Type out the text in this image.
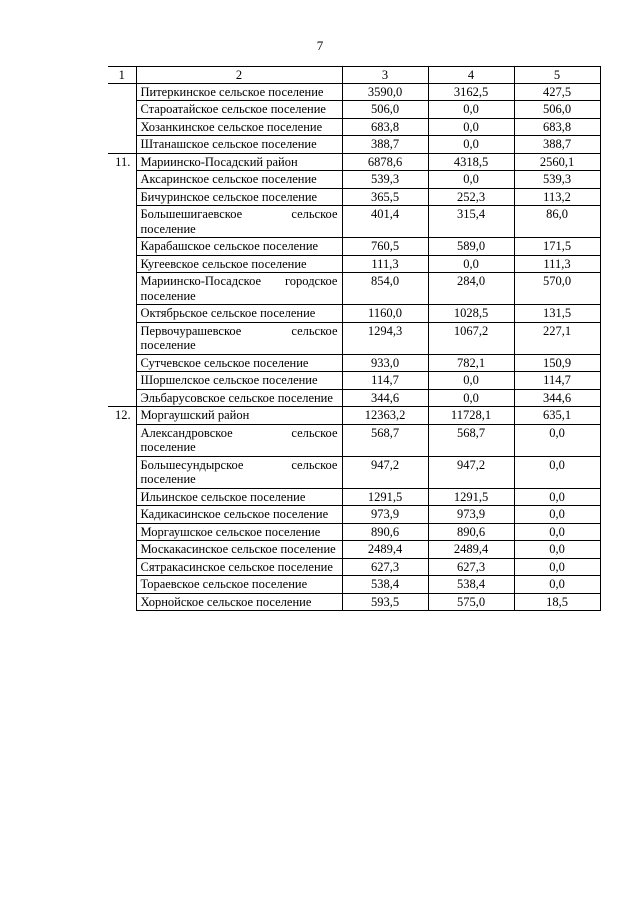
7
1	2	3	4	5
	Питеркинское сельское поселение	3590,0	3162,5	427,5
	Староатайское сельское поселение	506,0	0,0	506,0
	Хозанкинское сельское поселение	683,8	0,0	683,8
	Штанашское сельское поселение	388,7	0,0	388,7
11.	Мариинско-Посадский район	6878,6	4318,5	2560,1
	Аксаринское сельское поселение	539,3	0,0	539,3
	Бичуринское сельское поселение	365,5	252,3	113,2
	Большешигаевское сельское поселение	401,4	315,4	86,0
	Карабашское сельское поселение	760,5	589,0	171,5
	Кугеевское сельское поселение	111,3	0,0	111,3
	Мариинско-Посадское городское поселение	854,0	284,0	570,0
	Октябрьское сельское поселение	1160,0	1028,5	131,5
	Первочурашевское сельское поселение	1294,3	1067,2	227,1
	Сутчевское сельское поселение	933,0	782,1	150,9
	Шоршелское сельское поселение	114,7	0,0	114,7
	Эльбарусовское сельское поселение	344,6	0,0	344,6
12.	Моргаушский район	12363,2	11728,1	635,1
	Александровское сельское поселение	568,7	568,7	0,0
	Большесундырское сельское поселение	947,2	947,2	0,0
	Ильинское сельское поселение	1291,5	1291,5	0,0
	Кадикасинское сельское поселение	973,9	973,9	0,0
	Моргаушское сельское поселение	890,6	890,6	0,0
	Москакасинское сельское поселение	2489,4	2489,4	0,0
	Сятракасинское сельское поселение	627,3	627,3	0,0
	Тораевское сельское поселение	538,4	538,4	0,0
	Хорнойское сельское поселение	593,5	575,0	18,5
